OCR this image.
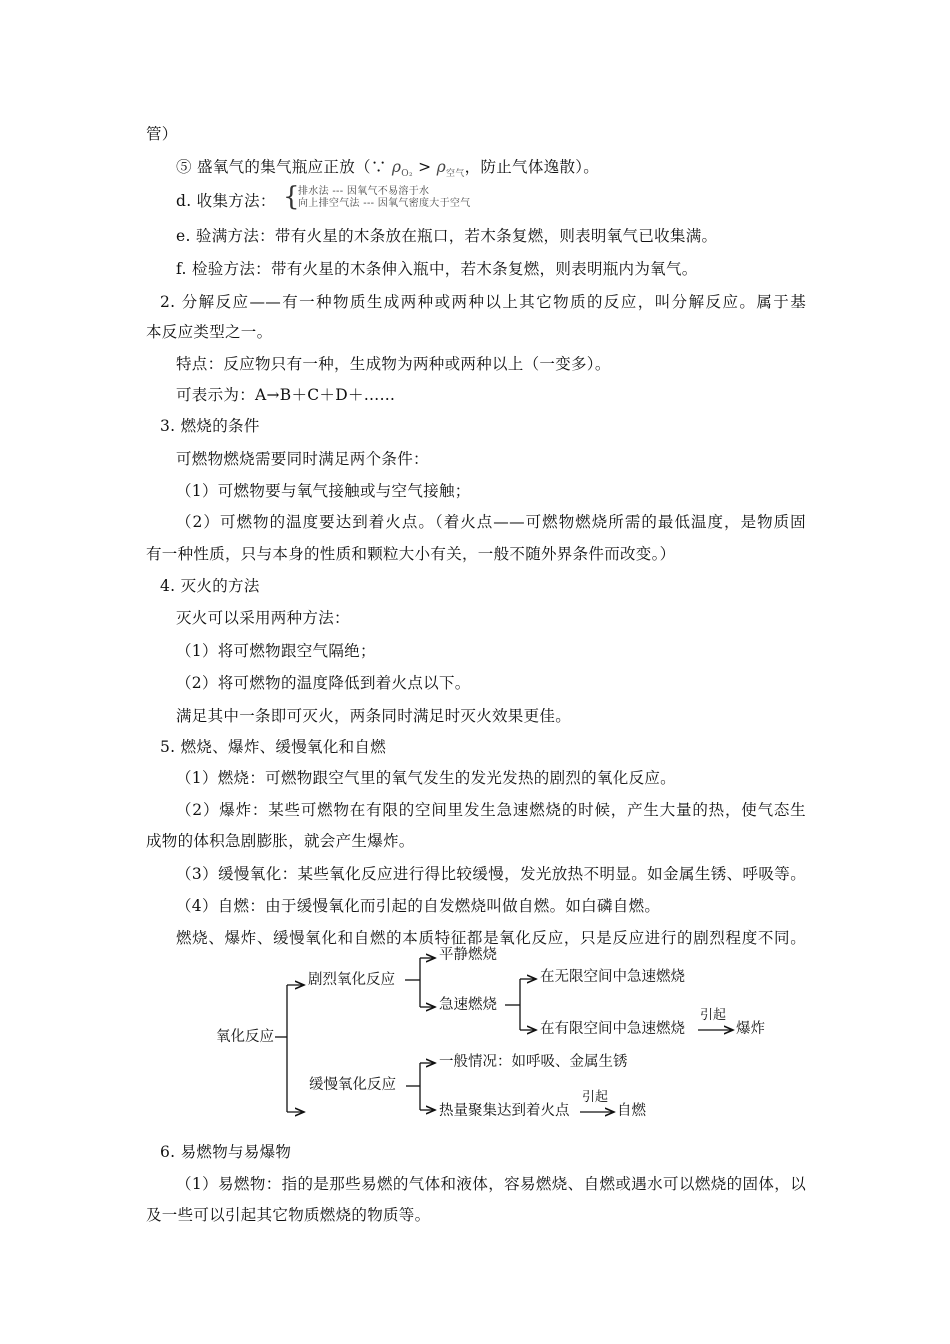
管）
⑤ 盛氧气的集气瓶应正放（∵ $\rho_{O_2} > \rho_{空气}$，防止气体逸散）。
d. 收集方法： {
排水法 --- 因氧气不易溶于水
向上排空气法 --- 因氧气密度大于空气
e. 验满方法：带有火星的木条放在瓶口，若木条复燃，则表明氧气已收集满。
f. 检验方法：带有火星的木条伸入瓶中，若木条复燃，则表明瓶内为氧气。
2. 分解反应——有一种物质生成两种或两种以上其它物质的反应，叫分解反应。属于基
本反应类型之一。
特点：反应物只有一种，生成物为两种或两种以上（一变多）。
可表示为：A→B＋C＋D＋……
3. 燃烧的条件
可燃物燃烧需要同时满足两个条件：
（1）可燃物要与氧气接触或与空气接触；
（2）可燃物的温度要达到着火点。（着火点——可燃物燃烧所需的最低温度，是物质固
有一种性质，只与本身的性质和颗粒大小有关，一般不随外界条件而改变。）
4. 灭火的方法
灭火可以采用两种方法：
（1）将可燃物跟空气隔绝；
（2）将可燃物的温度降低到着火点以下。
满足其中一条即可灭火，两条同时满足时灭火效果更佳。
5. 燃烧、爆炸、缓慢氧化和自燃
（1）燃烧：可燃物跟空气里的氧气发生的发光发热的剧烈的氧化反应。
（2）爆炸：某些可燃物在有限的空间里发生急速燃烧的时候，产生大量的热，使气态生
成物的体积急剧膨胀，就会产生爆炸。
（3）缓慢氧化：某些氧化反应进行得比较缓慢，发光放热不明显。如金属生锈、呼吸等。
（4）自燃：由于缓慢氧化而引起的自发燃烧叫做自燃。如白磷自燃。
燃烧、爆炸、缓慢氧化和自燃的本质特征都是氧化反应，只是反应进行的剧烈程度不同。
氧化反应
剧烈氧化反应
平静燃烧
急速燃烧
在无限空间中急速燃烧
在有限空间中急速燃烧
引起
爆炸
缓慢氧化反应
一般情况：如呼吸、金属生锈
热量聚集达到着火点
引起
自燃
6. 易燃物与易爆物
（1）易燃物：指的是那些易燃的气体和液体，容易燃烧、自燃或遇水可以燃烧的固体，以
及一些可以引起其它物质燃烧的物质等。
